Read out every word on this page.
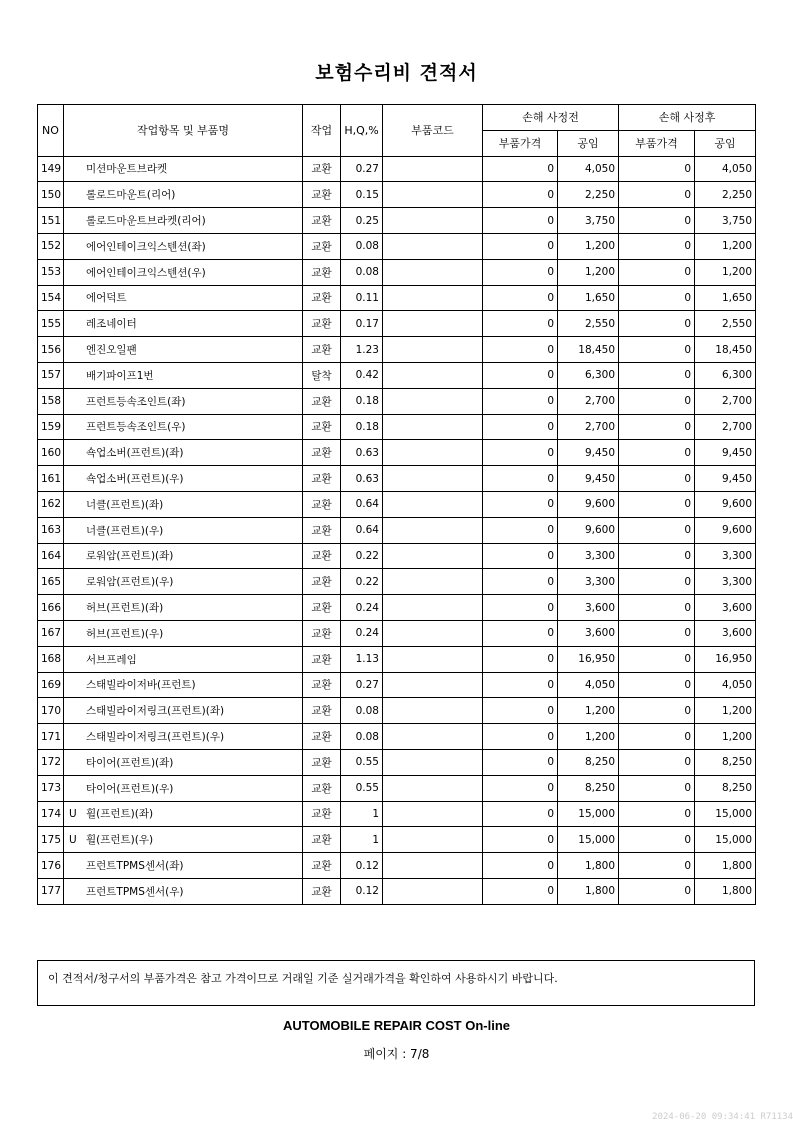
보험수리비 견적서
NO	작업항목 및 부품명	작업	H,Q,%	부품코드	손해 사정전		손해 사정후	
					부품가격	공임	부품가격	공임
149	미션마운트브라켓	교환	0.27		0	4,050	0	4,050
150	롤로드마운트(리어)	교환	0.15		0	2,250	0	2,250
151	롤로드마운트브라켓(리어)	교환	0.25		0	3,750	0	3,750
152	에어인테이크익스텐션(좌)	교환	0.08		0	1,200	0	1,200
153	에어인테이크익스텐션(우)	교환	0.08		0	1,200	0	1,200
154	에어덕트	교환	0.11		0	1,650	0	1,650
155	레조네이터	교환	0.17		0	2,550	0	2,550
156	엔진오일팬	교환	1.23		0	18,450	0	18,450
157	배기파이프1번	탈착	0.42		0	6,300	0	6,300
158	프런트등속조인트(좌)	교환	0.18		0	2,700	0	2,700
159	프런트등속조인트(우)	교환	0.18		0	2,700	0	2,700
160	쇽업소버(프런트)(좌)	교환	0.63		0	9,450	0	9,450
161	쇽업소버(프런트)(우)	교환	0.63		0	9,450	0	9,450
162	너클(프런트)(좌)	교환	0.64		0	9,600	0	9,600
163	너클(프런트)(우)	교환	0.64		0	9,600	0	9,600
164	로워암(프런트)(좌)	교환	0.22		0	3,300	0	3,300
165	로워암(프런트)(우)	교환	0.22		0	3,300	0	3,300
166	허브(프런트)(좌)	교환	0.24		0	3,600	0	3,600
167	허브(프런트)(우)	교환	0.24		0	3,600	0	3,600
168	서브프레임	교환	1.13		0	16,950	0	16,950
169	스태빌라이저바(프런트)	교환	0.27		0	4,050	0	4,050
170	스태빌라이저링크(프런트)(좌)	교환	0.08		0	1,200	0	1,200
171	스태빌라이저링크(프런트)(우)	교환	0.08		0	1,200	0	1,200
172	타이어(프런트)(좌)	교환	0.55		0	8,250	0	8,250
173	타이어(프런트)(우)	교환	0.55		0	8,250	0	8,250
174	U 휠(프런트)(좌)	교환	1		0	15,000	0	15,000
175	U 휠(프런트)(우)	교환	1		0	15,000	0	15,000
176	프런트TPMS센서(좌)	교환	0.12		0	1,800	0	1,800
177	프런트TPMS센서(우)	교환	0.12		0	1,800	0	1,800
이 견적서/청구서의 부품가격은 참고 가격이므로 거래일 기준 실거래가격을 확인하여 사용하시기 바랍니다.
AUTOMOBILE REPAIR COST On-line
페이지 : 7/8
2024-06-20 09:34:41 R71134
